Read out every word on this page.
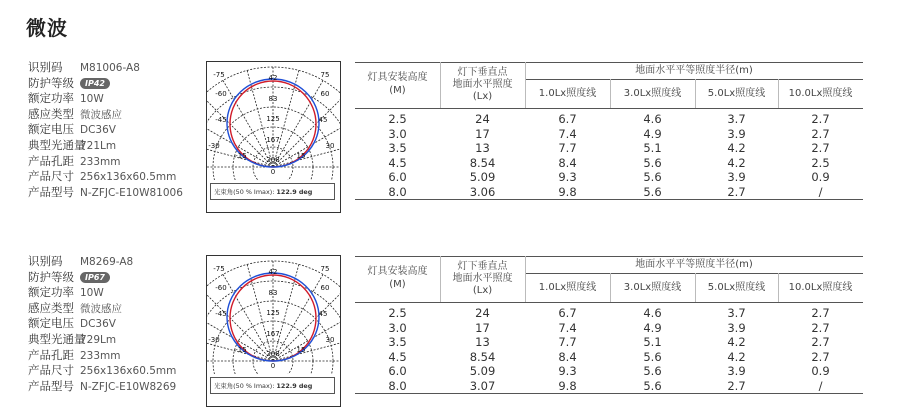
微波
识别码 M81006-A8
防护等级 IP42
额定功率 10W
感应类型 微波感应
额定电压 DC36V
典型光通量721Lm
产品孔距 233mm
产品尺寸 256x136x60.5mm
产品型号 N-ZFJC-E10W81006
42
83
125
167
208
-75	75
-60	60
-45	45
-30	30
-15	15
0
光束角(50 % Imax): 122.9 deg
灯具安装高度
(M)
灯下垂直点
地面水平照度
(Lx)
地面水平平等照度半径(m)
1.0Lx照度线	3.0Lx照度线	5.0Lx照度线	10.0Lx照度线
2.5	24	6.7	4.6	3.7	2.7
3.0	17	7.4	4.9	3.9	2.7
3.5	13	7.7	5.1	4.2	2.7
4.5	8.54	8.4	5.6	4.2	2.5
6.0	5.09	9.3	5.6	3.9	0.9
8.0	3.06	9.8	5.6	2.7	/
识别码 M8269-A8
防护等级 IP67
额定功率 10W
感应类型 微波感应
额定电压 DC36V
典型光通量729Lm
产品孔距 233mm
产品尺寸 256x136x60.5mm
产品型号 N-ZFJC-E10W8269
42
83
125
167
208
-75	75
-60	60
-45	45
-30	30
-15	15
0
光束角(50 % Imax): 122.9 deg
灯具安装高度
(M)
灯下垂直点
地面水平照度
(Lx)
地面水平平等照度半径(m)
1.0Lx照度线	3.0Lx照度线	5.0Lx照度线	10.0Lx照度线
2.5	24	6.7	4.6	3.7	2.7
3.0	17	7.4	4.9	3.9	2.7
3.5	13	7.7	5.1	4.2	2.7
4.5	8.54	8.4	5.6	4.2	2.7
6.0	5.09	9.3	5.6	3.9	0.9
8.0	3.07	9.8	5.6	2.7	/
